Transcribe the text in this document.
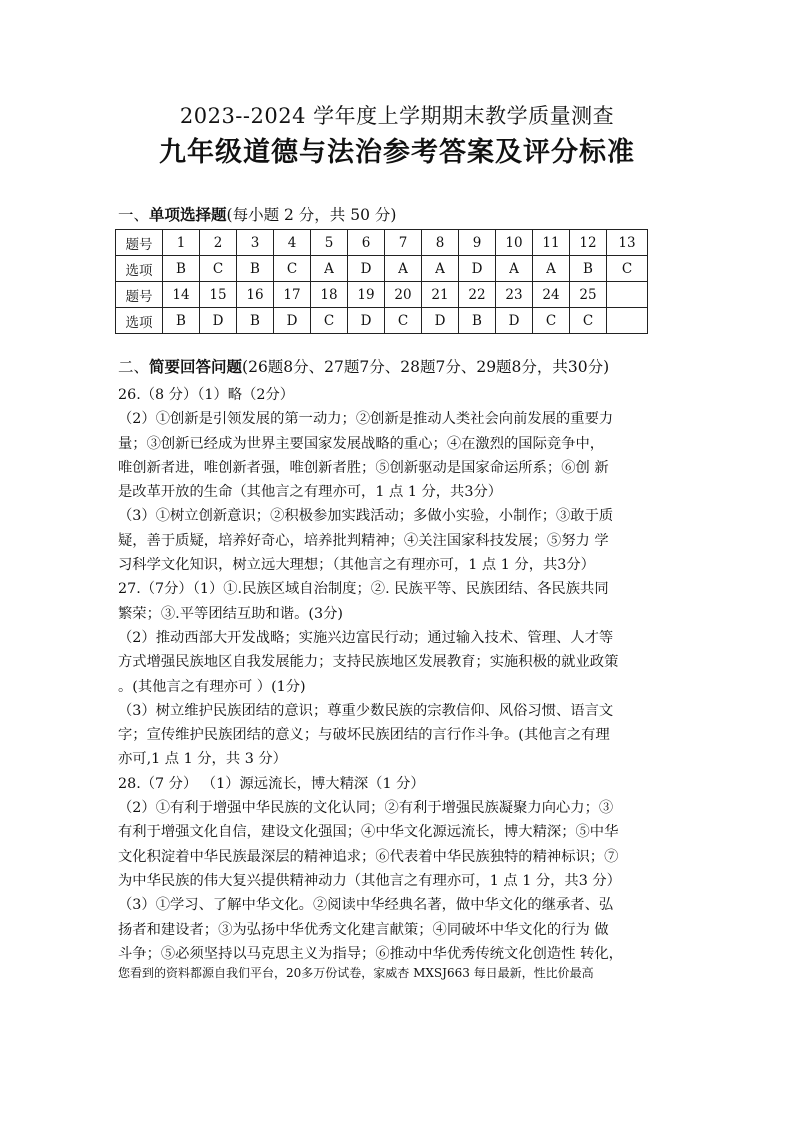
2023--2024 学年度上学期期末教学质量测查
九年级道德与法治参考答案及评分标准
一、单项选择题(每小题 2 分，共 50 分)
题号	1	2	3	4	5	6	7	8	9	10	11	12	13
选项	B	C	B	C	A	D	A	A	D	A	A	B	C
题号	14	15	16	17	18	19	20	21	22	23	24	25	
选项	B	D	B	D	C	D	C	D	B	D	C	C	
二、简要回答问题(26题8分、27题7分、28题7分、29题8分，共30分)

26.（8 分）（1）略（2分）

（2）①创新是引领发展的第一动力；②创新是推动人类社会向前发展的重要力

量；③创新已经成为世界主要国家发展战略的重心；④在激烈的国际竞争中，

唯创新者进，唯创新者强，唯创新者胜；⑤创新驱动是国家命运所系；⑥创 新

是改革开放的生命（其他言之有理亦可，1 点 1 分，共3分）

（3）①树立创新意识；②积极参加实践活动；多做小实验，小制作；③敢于质

疑，善于质疑，培养好奇心，培养批判精神；④关注国家科技发展；⑤努力 学

习科学文化知识，树立远大理想；（其他言之有理亦可，1 点 1 分，共3分）

27.（7分）（1）①.民族区域自治制度；②. 民族平等、民族团结、各民族共同

繁荣；③.平等团结互助和谐。(3分)

（2）推动西部大开发战略；实施兴边富民行动；通过输入技术、管理、人才等

方式增强民族地区自我发展能力；支持民族地区发展教育；实施积极的就业政策

。(其他言之有理亦可 ）(1分)

（3）树立维护民族团结的意识；尊重少数民族的宗教信仰、风俗习惯、语言文

字；宣传维护民族团结的意义；与破坏民族团结的言行作斗争。(其他言之有理

亦可,1 点 1 分，共 3 分）

28.（7 分） （1）源远流长，博大精深（1 分）

（2）①有利于增强中华民族的文化认同；②有利于增强民族凝聚力向心力；③

有利于增强文化自信，建设文化强国；④中华文化源远流长，博大精深；⑤中华

文化积淀着中华民族最深层的精神追求；⑥代表着中华民族独特的精神标识；⑦

为中华民族的伟大复兴提供精神动力（其他言之有理亦可，1 点 1 分，共3 分）

（3）①学习、了解中华文化。②阅读中华经典名著，做中华文化的继承者、弘

扬者和建设者；③为弘扬中华优秀文化建言献策；④同破坏中华文化的行为 做

斗争；⑤必须坚持以马克思主义为指导；⑥推动中华优秀传统文化创造性 转化，

您看到的资料都源自我们平台，20多万份试卷，家威杏 MXSJ663 每日最新，性比价最高
